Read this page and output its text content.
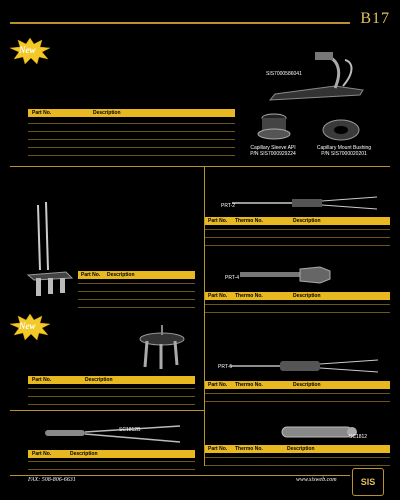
B17
New
SIS7000586041
Part No.	Description
Capillary Sleeve API
P/N SIS7000929224
Capillary Mount Bushing
P/N SIS7000020201
Part No. Description
New
Part No.	Description
SC1812B
Part No.	Description
PRT-2
Part No. Thermo No.	Description
PRT-4
Part No. Thermo No.	Description
PRT-6
Part No. Thermo No.	Description
SC1812
Part No. Thermo No.	Description
FAX: 508-806-6631	www.sisweb.com	SIS
